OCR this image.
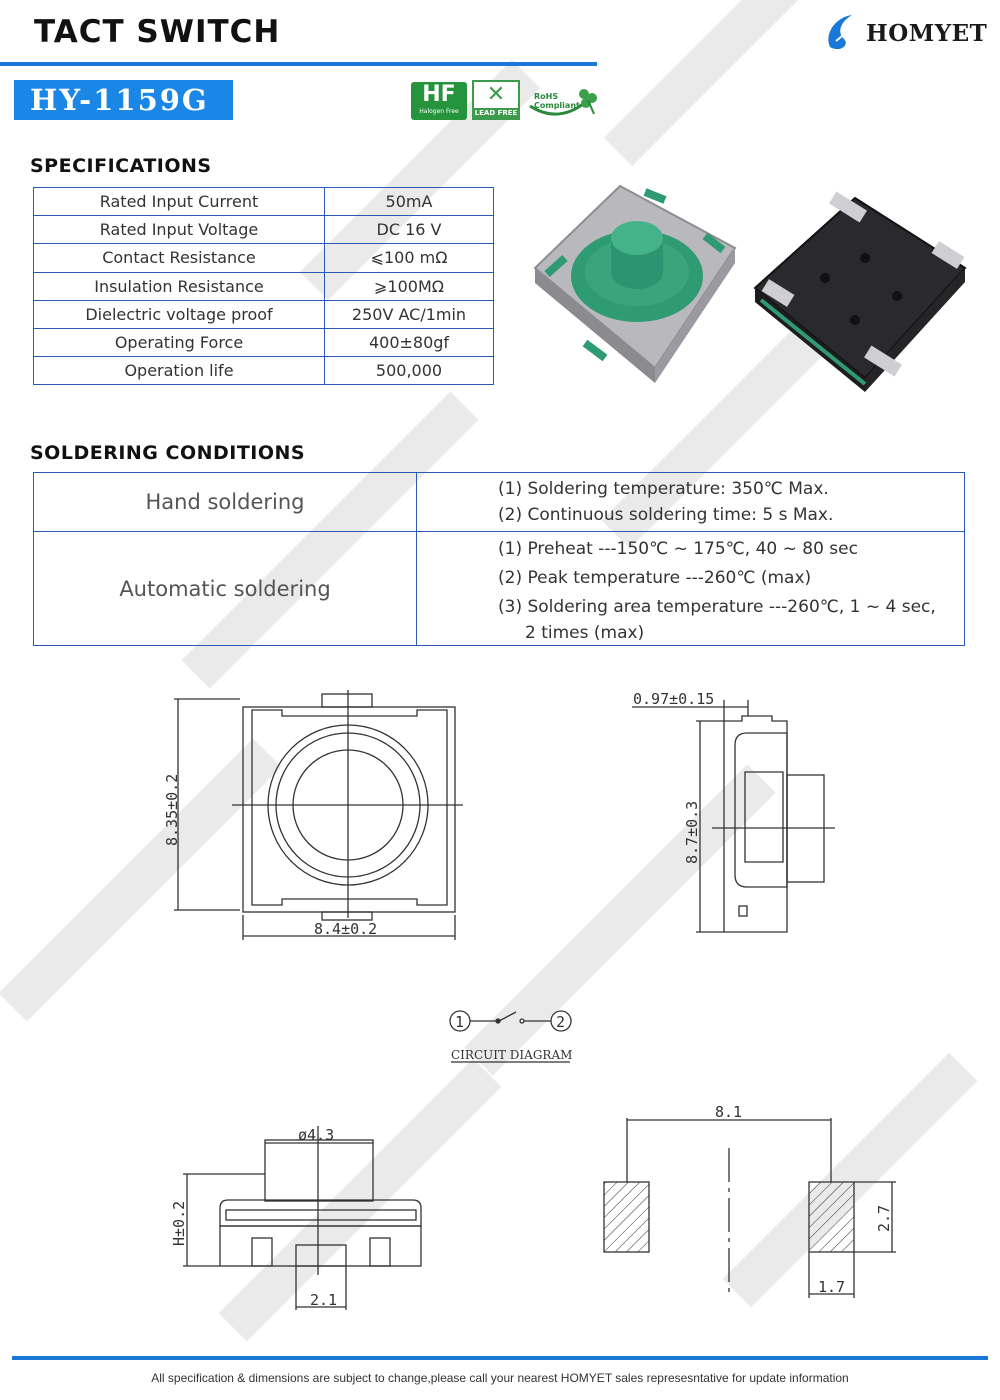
TACT SWITCH	HOMYET
HY-1159G	HF
Halogen Free
✕
LEAD FREE
RoHS
Compliant
SPECIFICATIONS
Rated Input Current	50mA
Rated Input Voltage	DC 16 V
Contact Resistance	⩽100 mΩ
Insulation Resistance	⩾100MΩ
Dielectric voltage proof	250V AC/1min
Operating Force	400±80gf
Operation life	500,000
SOLDERING CONDITIONS
Hand soldering	(1) Soldering temperature: 350℃ Max.
(2) Continuous soldering time: 5 s Max.

Automatic soldering	(1) Preheat ---150℃ ~ 175℃, 40 ~ 80 sec
(2) Peak temperature ---260℃ (max)
(3) Soldering area temperature ---260℃, 1 ~ 4 sec,
2 times (max)
8.35±0.2
8.4±0.2
0.97±0.15
8.7±0.3
1	2
CIRCUIT DIAGRAM
ø4.3
H±0.2
2.1
8.1
2.7
1.7
All specification & dimensions are subject to change,please call your nearest HOMYET sales represesntative for update information
